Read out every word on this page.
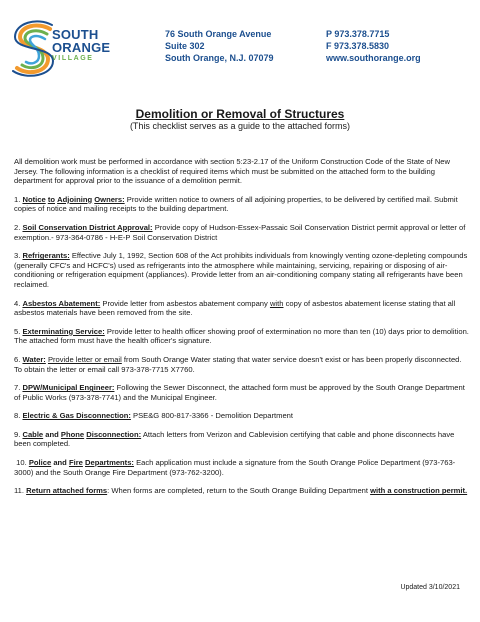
SOUTH
ORANGE
VILLAGE
76 South Orange Avenue
Suite 302
South Orange, N.J. 07079
P 973.378.7715
F 973.378.5830
www.southorange.org
Demolition or Removal of Structures
(This checklist serves as a guide to the attached forms)

All demolition work must be performed in accordance with section 5:23-2.17 of the Uniform Construction Code of the State of New Jersey. The following information is a checklist of required items which must be submitted on the attached form to the building department for approval prior to the issuance of a demolition permit.

1. Notice to Adjoining Owners: Provide written notice to owners of all adjoining properties, to be delivered by certified mail. Submit copies of notice and mailing receipts to the building department.

2. Soil Conservation District Approval: Provide copy of Hudson-Essex-Passaic Soil Conservation District permit approval or letter of exemption.- 973-364-0786 - H-E-P Soil Conservation District

3. Refrigerants: Effective July 1, 1992, Section 608 of the Act prohibits individuals from knowingly venting ozone-depleting compounds (generally CFC's and HCFC's) used as refrigerants into the atmosphere while maintaining, servicing, repairing or disposing of air-conditioning or refrigeration equipment (appliances). Provide letter from an air-conditioning company stating all refrigerants have been reclaimed.

4. Asbestos Abatement: Provide letter from asbestos abatement company with copy of asbestos abatement license stating that all asbestos materials have been removed from the site.

5. Exterminating Service: Provide letter to health officer showing proof of extermination no more than ten (10) days prior to demolition. The attached form must have the health officer's signature.

6. Water: Provide letter or email from South Orange Water stating that water service doesn't exist or has been properly disconnected. To obtain the letter or email call 973-378-7715 X7760.

7. DPW/Municipal Engineer: Following the Sewer Disconnect, the attached form must be approved by the South Orange Department of Public Works (973-378-7741) and the Municipal Engineer.

8. Electric & Gas Disconnection: PSE&G 800-817-3366 - Demolition Department

9. Cable and Phone Disconnection: Attach letters from Verizon and Cablevision certifying that cable and phone disconnects have been completed.

10. Police and Fire Departments: Each application must include a signature from the South Orange Police Department (973-763-3000) and the South Orange Fire Department (973-762-3200).

11. Return attached forms: When forms are completed, return to the South Orange Building Department with a construction permit.

Updated 3/10/2021
